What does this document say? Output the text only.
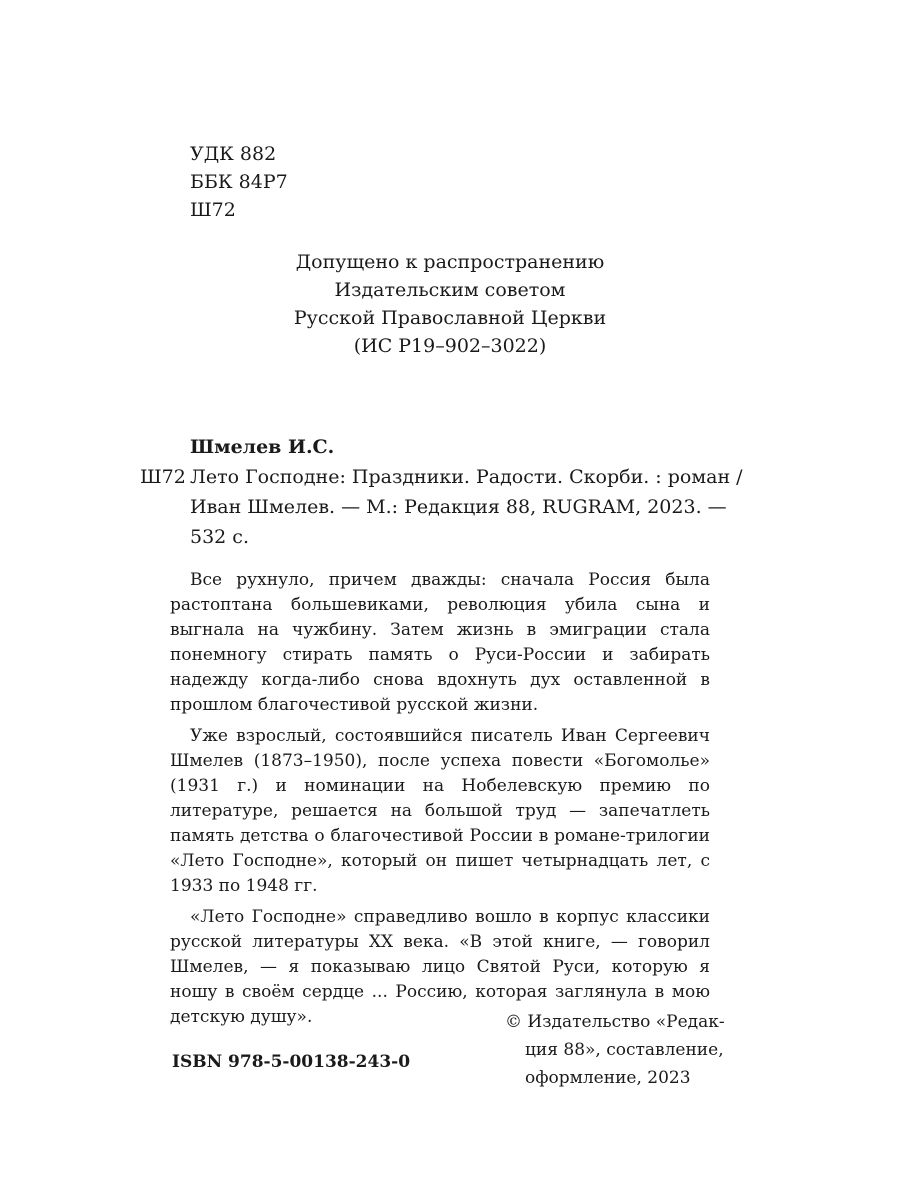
УДК 882
ББК 84Р7
Ш72
Допущено к распространению
Издательским советом
Русской Православной Церкви
(ИС Р19–902–3022)
Шмелев И.С.
Ш72 Лето Господне: Праздники. Радости. Скорби. : роман /
Иван Шмелев. — М.: Редакция 88, RUGRAM, 2023. —
532 с.

Все рухнуло, причем дважды: сначала Россия была растоптана большевиками, революция убила сына и выгнала на чужбину. Затем жизнь в эмиграции стала понемногу стирать память о Руси-России и забирать надежду когда-либо снова вдохнуть дух оставленной в прошлом благочестивой русской жизни.

Уже взрослый, состоявшийся писатель Иван Сергеевич Шмелев (1873–1950), после успеха повести «Богомолье» (1931 г.) и номинации на Нобелевскую премию по литературе, решается на большой труд — запечатлеть память детства о благочестивой России в романе-трилогии «Лето Господне», который он пишет четырнадцать лет, с 1933 по 1948 гг.

«Лето Господне» справедливо вошло в корпус классики русской литературы XX века. «В этой книге, — говорил Шмелев, — я показываю лицо Святой Руси, которую я ношу в своём сердце ... Россию, которая заглянула в мою детскую душу».

ISBN 978-5-00138-243-0
© Издательство «Редак-
ция 88», составление,
оформление, 2023
